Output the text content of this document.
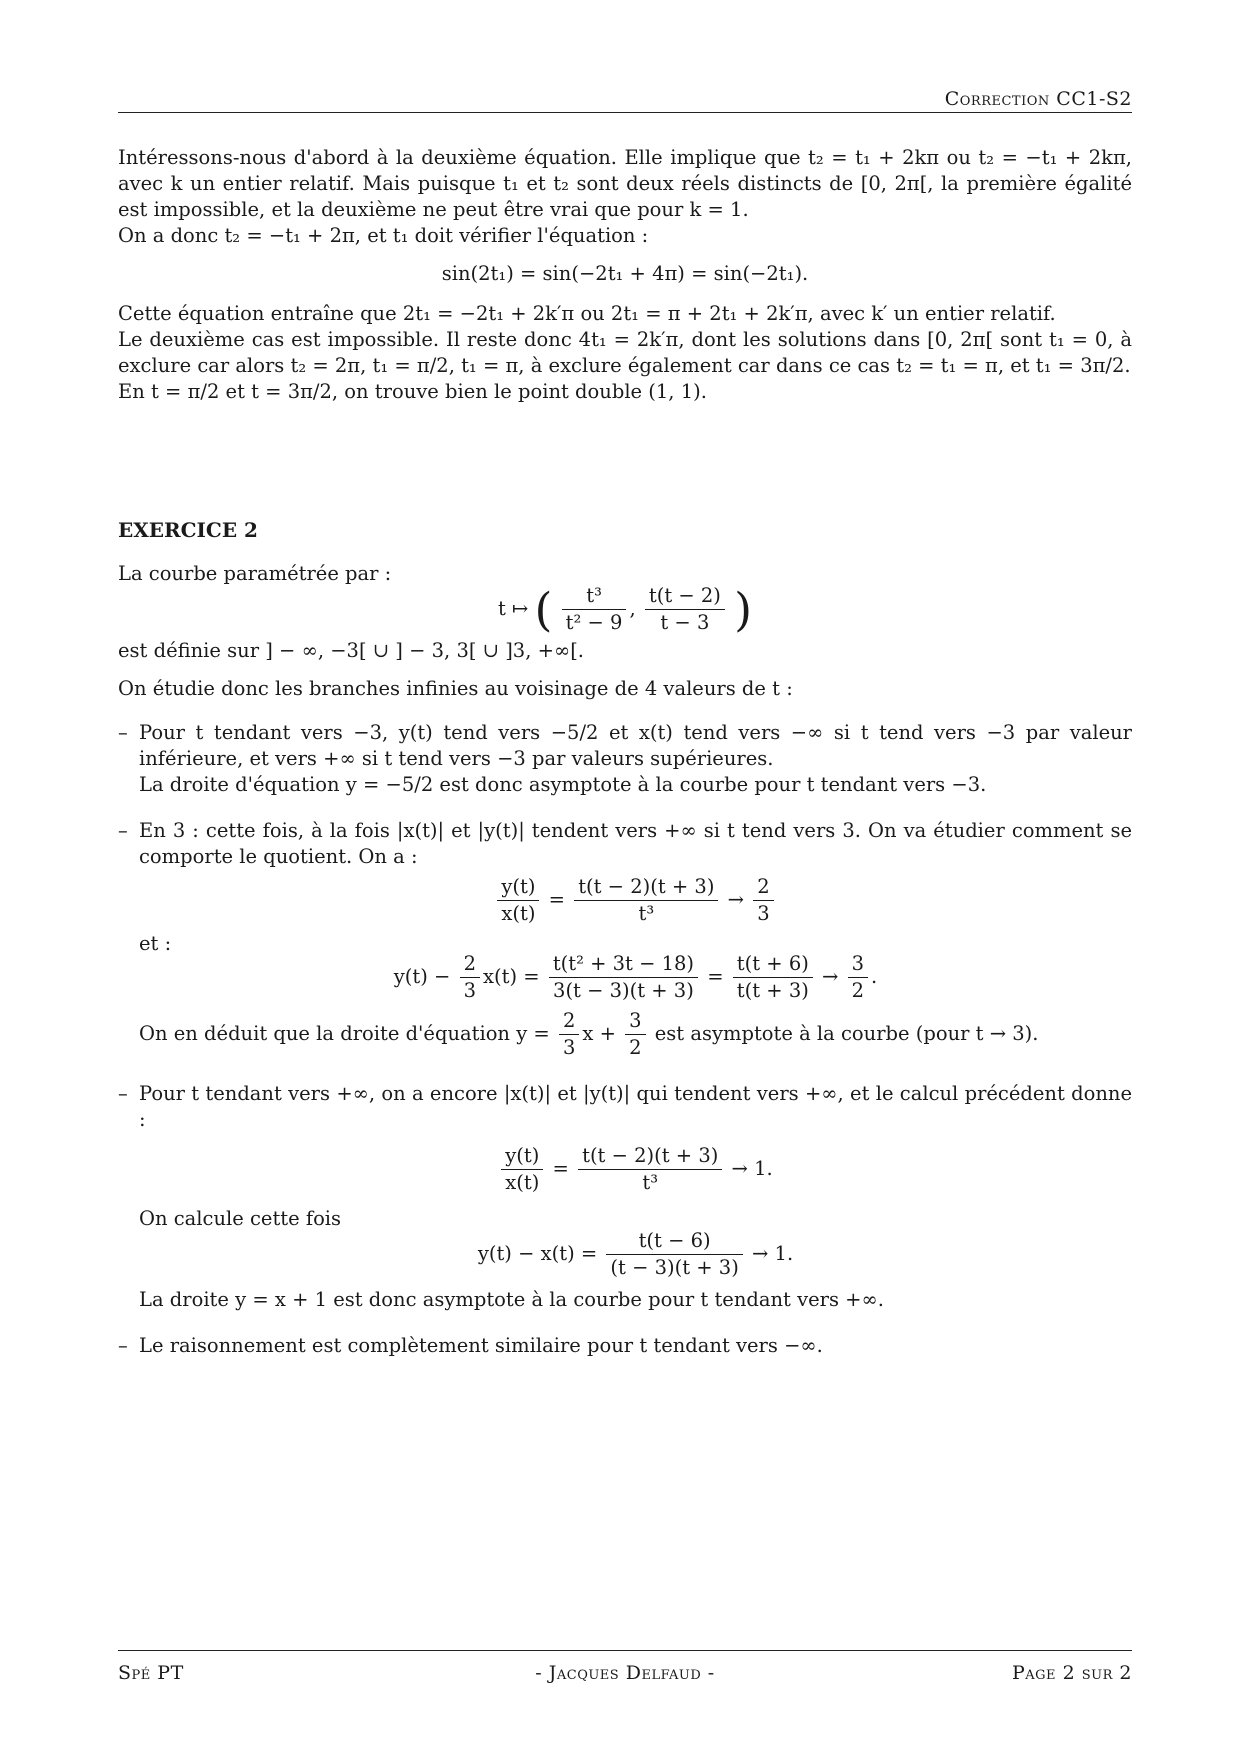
Correction CC1-S2

Intéressons-nous d'abord à la deuxième équation. Elle implique que t₂ = t₁ + 2kπ ou t₂ = −t₁ + 2kπ, avec k un entier relatif. Mais puisque t₁ et t₂ sont deux réels distincts de [0, 2π[, la première égalité est impossible, et la deuxième ne peut être vrai que pour k = 1.

On a donc t₂ = −t₁ + 2π, et t₁ doit vérifier l'équation :

sin(2t₁) = sin(−2t₁ + 4π) = sin(−2t₁).

Cette équation entraîne que 2t₁ = −2t₁ + 2k′π ou 2t₁ = π + 2t₁ + 2k′π, avec k′ un entier relatif.

Le deuxième cas est impossible. Il reste donc 4t₁ = 2k′π, dont les solutions dans [0, 2π[ sont t₁ = 0, à exclure car alors t₂ = 2π, t₁ = π/2, t₁ = π, à exclure également car dans ce cas t₂ = t₁ = π, et t₁ = 3π/2.

En t = π/2 et t = 3π/2, on trouve bien le point double (1, 1).

EXERCICE 2

La courbe paramétrée par :

t ↦ ( $\frac{\text{t³}}{\text{t² − 9}}$ , $\frac{t(t - 2)}{t - 3}$ )

est définie sur ] − ∞, −3[ ∪ ] − 3, 3[ ∪ ]3, +∞[.

On étudie donc les branches infinies au voisinage de 4 valeurs de t :

– Pour t tendant vers −3, y(t) tend vers −5/2 et x(t) tend vers −∞ si t tend vers −3 par valeur inférieure, et vers +∞ si t tend vers −3 par valeurs supérieures.

La droite d'équation y = −5/2 est donc asymptote à la courbe pour t tendant vers −3.

– En 3 : cette fois, à la fois |x(t)| et |y(t)| tendent vers +∞ si t tend vers 3. On va étudier comment se comporte le quotient. On a :

$\frac{y(t)}{x(t)} = \frac{t(t - 2)(t + 3)}{\text{t³}} \to \frac{2}{3}$

et :

$y(t) - \frac{2}{3} x(t) = \frac{\text{t(t² + 3t − 18)}}{3(t - 3)(t + 3)} = \frac{t(t + 6)}{t(t + 3)} \to \frac{3}{2}$ .

On en déduit que la droite d'équation $y = \frac{2}{3}$ $x + \frac{3}{2}$ est asymptote à la courbe (pour t → 3).

– Pour t tendant vers +∞, on a encore |x(t)| et |y(t)| qui tendent vers +∞, et le calcul précédent donne :

$\frac{y(t)}{x(t)} = \frac{t(t - 2)(t + 3)}{\text{t³}} \to 1$.

On calcule cette fois

$y(t) - x(t) = \frac{t(t - 6)}{(t - 3)(t + 3)} \to 1$.

La droite y = x + 1 est donc asymptote à la courbe pour t tendant vers +∞.

– Le raisonnement est complètement similaire pour t tendant vers −∞.

Spé PT	- Jacques Delfaud -	Page 2 sur 2
